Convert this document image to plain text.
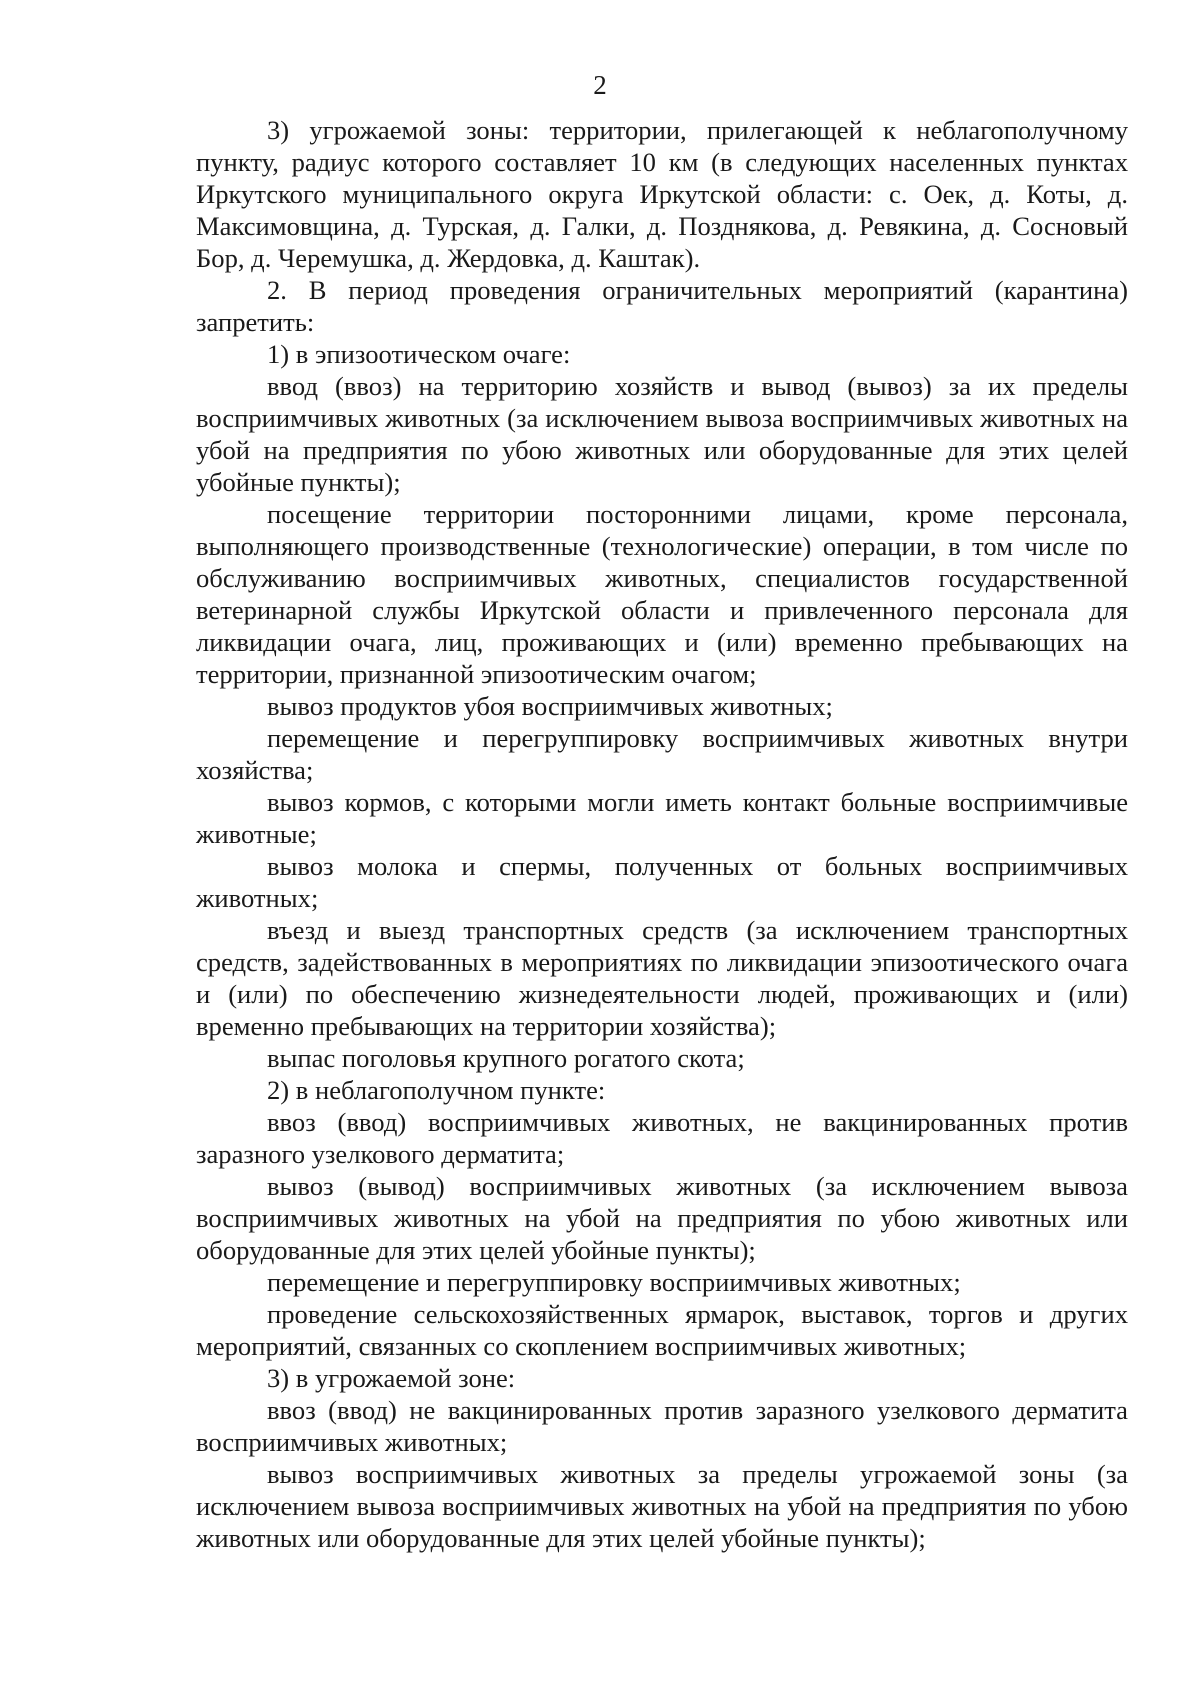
2

3) угрожаемой зоны: территории, прилегающей к неблагополучному пункту, радиус которого составляет 10 км (в следующих населенных пунктах Иркутского муниципального округа Иркутской области: с. Оек, д. Коты, д. Максимовщина, д. Турская, д. Галки, д. Позднякова, д. Ревякина, д. Сосновый Бор, д. Черемушка, д. Жердовка, д. Каштак).

2. В период проведения ограничительных мероприятий (карантина) запретить:

1) в эпизоотическом очаге:

ввод (ввоз) на территорию хозяйств и вывод (вывоз) за их пределы восприимчивых животных (за исключением вывоза восприимчивых животных на убой на предприятия по убою животных или оборудованные для этих целей убойные пункты);

посещение территории посторонними лицами, кроме персонала, выполняющего производственные (технологические) операции, в том числе по обслуживанию восприимчивых животных, специалистов государственной ветеринарной службы Иркутской области и привлеченного персонала для ликвидации очага, лиц, проживающих и (или) временно пребывающих на территории, признанной эпизоотическим очагом;

вывоз продуктов убоя восприимчивых животных;

перемещение и перегруппировку восприимчивых животных внутри хозяйства;

вывоз кормов, с которыми могли иметь контакт больные восприимчивые животные;

вывоз молока и спермы, полученных от больных восприимчивых животных;

въезд и выезд транспортных средств (за исключением транспортных средств, задействованных в мероприятиях по ликвидации эпизоотического очага и (или) по обеспечению жизнедеятельности людей, проживающих и (или) временно пребывающих на территории хозяйства);

выпас поголовья крупного рогатого скота;

2) в неблагополучном пункте:

ввоз (ввод) восприимчивых животных, не вакцинированных против заразного узелкового дерматита;

вывоз (вывод) восприимчивых животных (за исключением вывоза восприимчивых животных на убой на предприятия по убою животных или оборудованные для этих целей убойные пункты);

перемещение и перегруппировку восприимчивых животных;

проведение сельскохозяйственных ярмарок, выставок, торгов и других мероприятий, связанных со скоплением восприимчивых животных;

3) в угрожаемой зоне:

ввоз (ввод) не вакцинированных против заразного узелкового дерматита восприимчивых животных;

вывоз восприимчивых животных за пределы угрожаемой зоны (за исключением вывоза восприимчивых животных на убой на предприятия по убою животных или оборудованные для этих целей убойные пункты);
